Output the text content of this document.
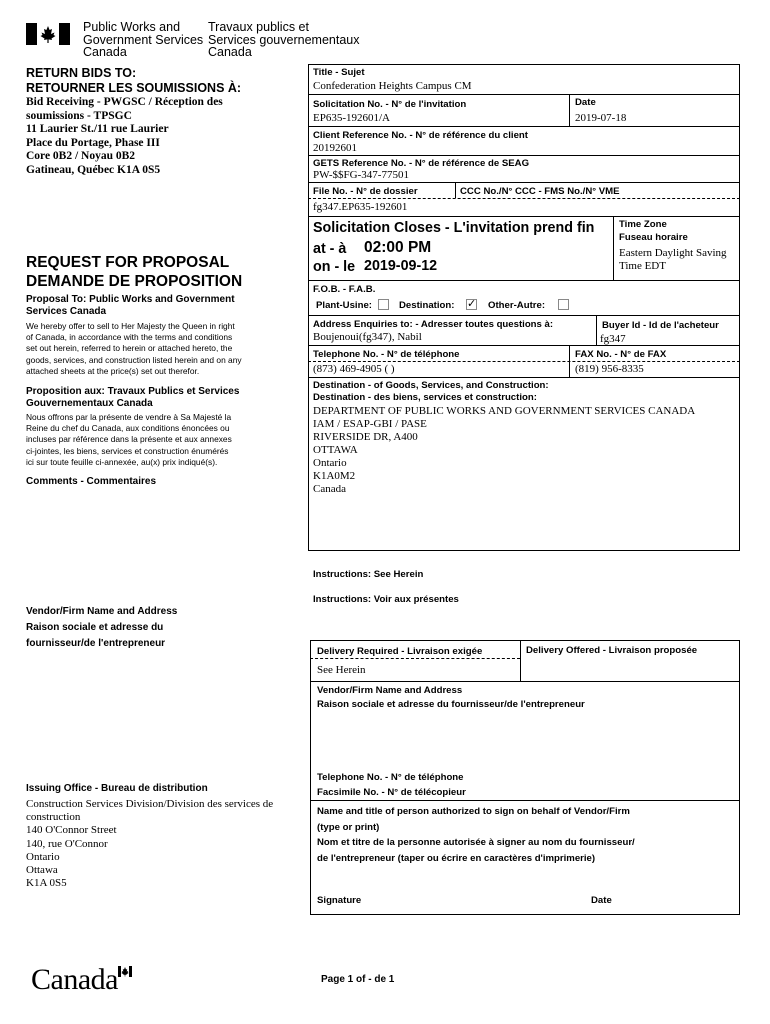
Public Works and
Government Services
Canada
Travaux publics et
Services gouvernementaux
Canada
RETURN BIDS TO:
RETOURNER LES SOUMISSIONS À:
Bid Receiving - PWGSC / Réception des
soumissions - TPSGC
11 Laurier St./11 rue Laurier
Place du Portage, Phase III
Core 0B2 / Noyau 0B2
Gatineau, Québec K1A 0S5
REQUEST FOR PROPOSAL
DEMANDE DE PROPOSITION
Proposal To: Public Works and Government
Services Canada
We hereby offer to sell to Her Majesty the Queen in right
of Canada, in accordance with the terms and conditions
set out herein, referred to herein or attached hereto, the
goods, services, and construction listed herein and on any
attached sheets at the price(s) set out therefor.
Proposition aux: Travaux Publics et Services
Gouvernementaux Canada
Nous offrons par la présente de vendre à Sa Majesté la
Reine du chef du Canada, aux conditions énoncées ou
incluses par référence dans la présente et aux annexes
ci-jointes, les biens, services et construction énumérés
ici sur toute feuille ci-annexée, au(x) prix indiqué(s).
Comments - Commentaires
Vendor/Firm Name and Address
Raison sociale et adresse du
fournisseur/de l'entrepreneur
Issuing Office - Bureau de distribution
Construction Services Division/Division des services de
construction
140 O'Connor Street
140, rue O'Connor
Ontario
Ottawa
K1A 0S5
Title - Sujet
Confederation Heights Campus CM
Solicitation No. - N° de l'invitation
EP635-192601/A
Date
2019-07-18
Client Reference No. - N° de référence du client
20192601
GETS Reference No. - N° de référence de SEAG
PW-$$FG-347-77501
File No. - N° de dossier	CCC No./N° CCC - FMS No./N° VME
fg347.EP635-192601
Solicitation Closes - L'invitation prend fin
at - à 02:00 PM
on - le 2019-09-12
Time Zone
Fuseau horaire
Eastern Daylight Saving
Time EDT
F.O.B. - F.A.B.
Plant-Usine:	Destination: ✓ Other-Autre:
Address Enquiries to: - Adresser toutes questions à:
Boujenoui(fg347), Nabil
Buyer Id - Id de l'acheteur
fg347
Telephone No. - N° de téléphone
(873) 469-4905 ( )
FAX No. - N° de FAX
(819) 956-8335
Destination - of Goods, Services, and Construction:
Destination - des biens, services et construction:
DEPARTMENT OF PUBLIC WORKS AND GOVERNMENT SERVICES CANADA
IAM / ESAP-GBI / PASE
RIVERSIDE DR, A400
OTTAWA
Ontario
K1A0M2
Canada
Instructions: See Herein
Instructions: Voir aux présentes
Delivery Required - Livraison exigée
See Herein
Delivery Offered - Livraison proposée
Vendor/Firm Name and Address
Raison sociale et adresse du fournisseur/de l'entrepreneur
Telephone No. - N° de téléphone
Facsimile No. - N° de télécopieur
Name and title of person authorized to sign on behalf of Vendor/Firm
(type or print)
Nom et titre de la personne autorisée à signer au nom du fournisseur/
de l'entrepreneur (taper ou écrire en caractères d'imprimerie)
Signature	Date
Page 1 of - de 1
Canada
